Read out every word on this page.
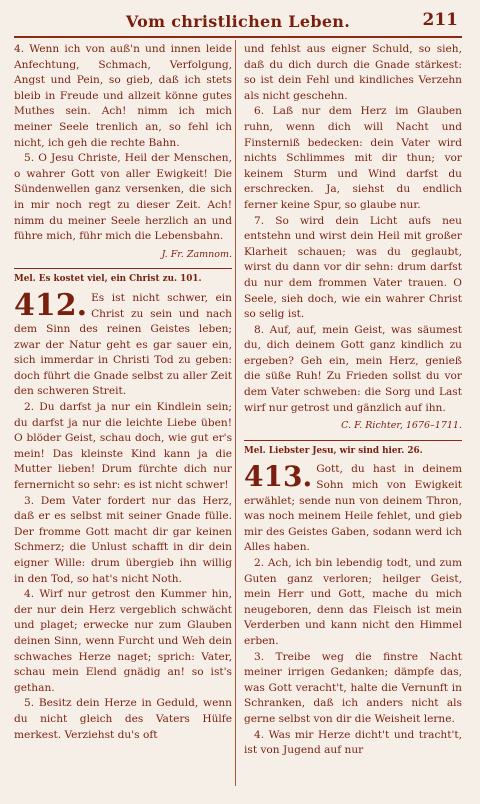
Vom christlichen Leben.	211

4. Wenn ich von auß'n und innen leide Anfechtung, Schmach, Verfolgung, Angst und Pein, so gieb, daß ich stets bleib in Freude und allzeit könne gutes Muthes sein. Ach! nimm ich mich meiner Seele trenlich an, so fehl ich nicht, ich geh die rechte Bahn.

5. O Jesu Christe, Heil der Menschen, o wahrer Gott von aller Ewigkeit! Die Sündenwellen ganz versenken, die sich in mir noch regt zu dieser Zeit. Ach! nimm du meiner Seele herzlich an und führe mich, führ mich die Lebensbahn.

J. Fr. Zamnom.
Mel. Es kostet viel, ein Christ zu. 101.
412. Es ist nicht schwer, ein Christ zu sein und nach dem Sinn des reinen Geistes leben; zwar der Natur geht es gar sauer ein, sich immerdar in Christi Tod zu geben: doch führt die Gnade selbst zu aller Zeit den schweren Streit.

2. Du darfst ja nur ein Kindlein sein; du darfst ja nur die leichte Liebe üben! O blöder Geist, schau doch, wie gut er's mein! Das kleinste Kind kann ja die Mutter lieben! Drum fürchte dich nur fernernicht so sehr: es ist nicht schwer!

3. Dem Vater fordert nur das Herz, daß er es selbst mit seiner Gnade fülle. Der fromme Gott macht dir gar keinen Schmerz; die Unlust schafft in dir dein eigner Wille: drum übergieb ihn willig in den Tod, so hat's nicht Noth.

4. Wirf nur getrost den Kummer hin, der nur dein Herz vergeblich schwächt und plaget; erwecke nur zum Glauben deinen Sinn, wenn Furcht und Weh dein schwaches Herze naget; sprich: Vater, schau mein Elend gnädig an! so ist's gethan.

5. Besitz dein Herze in Geduld, wenn du nicht gleich des Vaters Hülfe merkest. Verziehst du's oft

und fehlst aus eigner Schuld, so sieh, daß du dich durch die Gnade stärkest: so ist dein Fehl und kindliches Verzehn als nicht geschehn.

6. Laß nur dem Herz im Glauben ruhn, wenn dich will Nacht und Finsterniß bedecken: dein Vater wird nichts Schlimmes mit dir thun; vor keinem Sturm und Wind darfst du erschrecken. Ja, siehst du endlich ferner keine Spur, so glaube nur.

7. So wird dein Licht aufs neu entstehn und wirst dein Heil mit großer Klarheit schauen; was du geglaubt, wirst du dann vor dir sehn: drum darfst du nur dem frommen Vater trauen. O Seele, sieh doch, wie ein wahrer Christ so selig ist.

8. Auf, auf, mein Geist, was säumest du, dich deinem Gott ganz kindlich zu ergeben? Geh ein, mein Herz, genieß die süße Ruh! Zu Frieden sollst du vor dem Vater schweben: die Sorg und Last wirf nur getrost und gänzlich auf ihn.

C. F. Richter, 1676–1711.
Mel. Liebster Jesu, wir sind hier. 26.
413. Gott, du hast in deinem Sohn mich von Ewigkeit erwählet; sende nun von deinem Thron, was noch meinem Heile fehlet, und gieb mir des Geistes Gaben, sodann werd ich Alles haben.

2. Ach, ich bin lebendig todt, und zum Guten ganz verloren; heilger Geist, mein Herr und Gott, mache du mich neugeboren, denn das Fleisch ist mein Verderben und kann nicht den Himmel erben.

3. Treibe weg die finstre Nacht meiner irrigen Gedanken; dämpfe das, was Gott veracht't, halte die Vernunft in Schranken, daß ich anders nicht als gerne selbst von dir die Weisheit lerne.

4. Was mir Herze dicht't und tracht't, ist von Jugend auf nur
